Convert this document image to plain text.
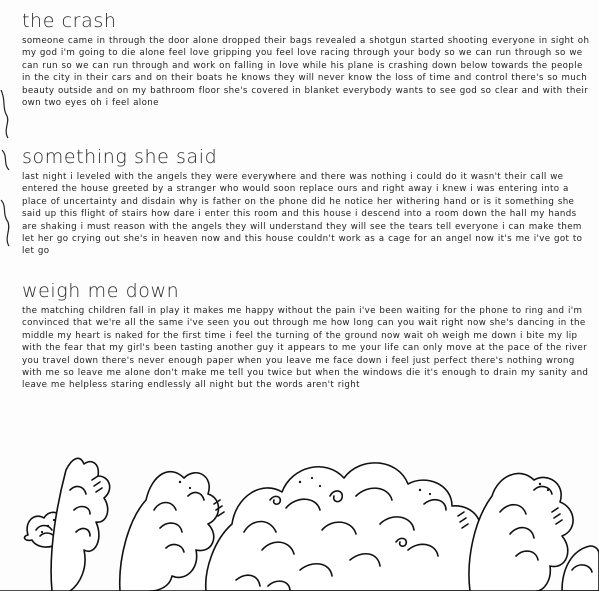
the crash

someone came in through the door alone dropped their bags revealed a shotgun started shooting everyone in sight oh my god i'm going to die alone feel love gripping you feel love racing through your body so we can run through so we can run so we can run through and work on falling in love while his plane is crashing down below towards the people in the city in their cars and on their boats he knows they will never know the loss of time and control there's so much beauty outside and on my bathroom floor she's covered in blanket everybody wants to see god so clear and with their own two eyes oh i feel alone

something she said

last night i leveled with the angels they were everywhere and there was nothing i could do it wasn't their call we entered the house greeted by a stranger who would soon replace ours and right away i knew i was entering into a place of uncertainty and disdain why is father on the phone did he notice her withering hand or is it something she said up this flight of stairs how dare i enter this room and this house i descend into a room down the hall my hands are shaking i must reason with the angels they will understand they will see the tears tell everyone i can make them let her go crying out she's in heaven now and this house couldn't work as a cage for an angel now it's me i've got to let go

weigh me down

the matching children fall in play it makes me happy without the pain i've been waiting for the phone to ring and i'm convinced that we're all the same i've seen you out through me how long can you wait right now she's dancing in the middle my heart is naked for the first time i feel the turning of the ground now wait oh weigh me down i bite my lip with the fear that my girl's been tasting another guy it appears to me your life can only move at the pace of the river you travel down there's never enough paper when you leave me face down i feel just perfect there's nothing wrong with me so leave me alone don't make me tell you twice but when the windows die it's enough to drain my sanity and leave me helpless staring endlessly all night but the words aren't right
